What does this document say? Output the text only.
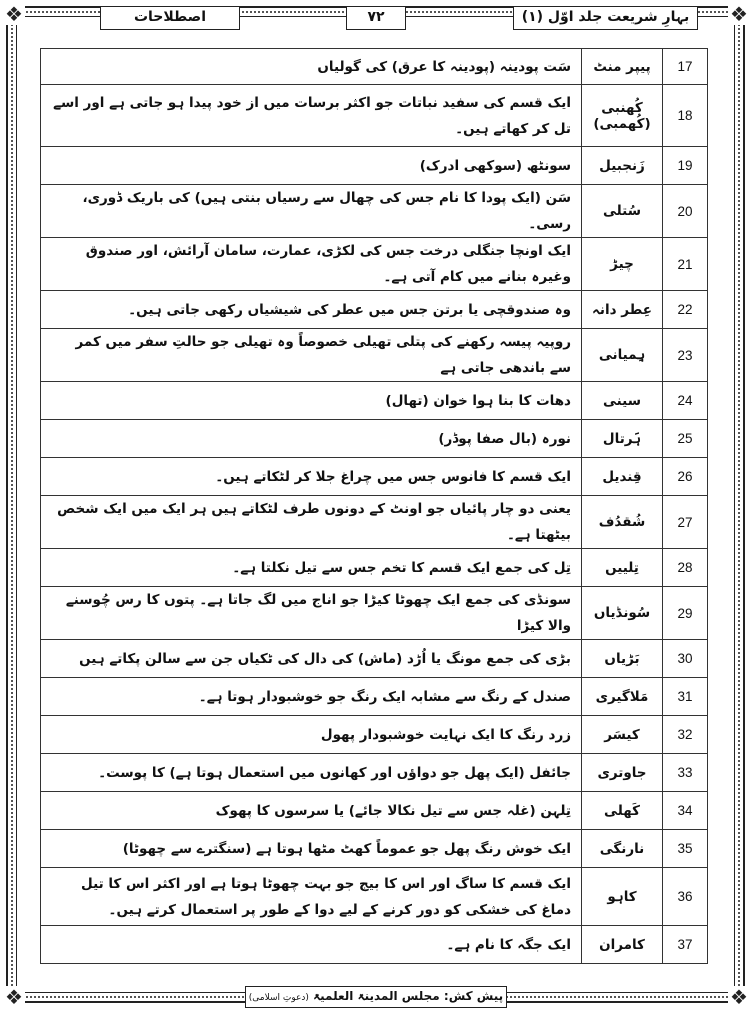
❖	❖
❖	❖
بہارِ شریعت جلد اوّل (۱)
۷۲
اصطلاحات
17	پیپر منٹ	سَت پودینہ (پودینہ کا عرق) کی گولیاں
18	کُھنبی (کُھمبی)	ایک قسم کی سفید نباتات جو اکثر برسات میں از خود پیدا ہو جاتی ہے اور اسے تل کر کھاتے ہیں۔
19	زَنجبیل	سونٹھ (سوکھی ادرک)
20	سُتلی	سَن (ایک پودا کا نام جس کی چھال سے رسیاں بنتی ہیں) کی باریک ڈوری، رسی۔
21	چیڑ	ایک اونچا جنگلی درخت جس کی لکڑی، عمارت، سامان آرائش، اور صندوق وغیرہ بنانے میں کام آتی ہے۔
22	عِطر دانہ	وہ صندوقچی یا برتن جس میں عطر کی شیشیاں رکھی جاتی ہیں۔
23	ہِمیانی	روپیہ پیسہ رکھنے کی پتلی تھیلی خصوصاً وہ تھیلی جو حالتِ سفر میں کمر سے باندھی جاتی ہے
24	سینی	دھات کا بنا ہوا خوان (تھال)
25	ہَرتال	نورہ (بال صفا پوڈر)
26	قِندیل	ایک قسم کا فانوس جس میں چراغ جلا کر لٹکاتے ہیں۔
27	شُقدُف	یعنی دو چار پائیاں جو اونٹ کے دونوں طرف لٹکاتے ہیں ہر ایک میں ایک شخص بیٹھتا ہے۔
28	تِلییں	تِل کی جمع ایک قسم کا تخم جس سے تیل نکلتا ہے۔
29	سُونڈیاں	سونڈی کی جمع ایک چھوٹا کیڑا جو اناج میں لگ جاتا ہے۔ پتوں کا رس چُوسنے والا کیڑا
30	بَڑیاں	بڑی کی جمع مونگ یا اُڑد (ماش) کی دال کی ٹکیاں جن سے سالن پکاتے ہیں
31	مَلاگیری	صندل کے رنگ سے مشابہ ایک رنگ جو خوشبودار ہوتا ہے۔
32	کیسَر	زرد رنگ کا ایک نہایت خوشبودار پھول
33	جاوتری	جائفل (ایک پھل جو دواؤں اور کھانوں میں استعمال ہوتا ہے) کا پوست۔
34	کَھلی	تِلہن (غلہ جس سے تیل نکالا جائے) یا سرسوں کا پھوک
35	نارنگی	ایک خوش رنگ پھل جو عموماً کھٹ مٹھا ہوتا ہے (سنگترے سے چھوٹا)
36	کاہو	ایک قسم کا ساگ اور اس کا بیج جو بہت چھوٹا ہوتا ہے اور اکثر اس کا تیل دماغ کی خشکی کو دور کرنے کے لیے دوا کے طور پر استعمال کرتے ہیں۔
37	کامران	ایک جگہ کا نام ہے۔
پیش کش: مجلس المدینۃ العلمیۃ (دعوتِ اسلامی)
